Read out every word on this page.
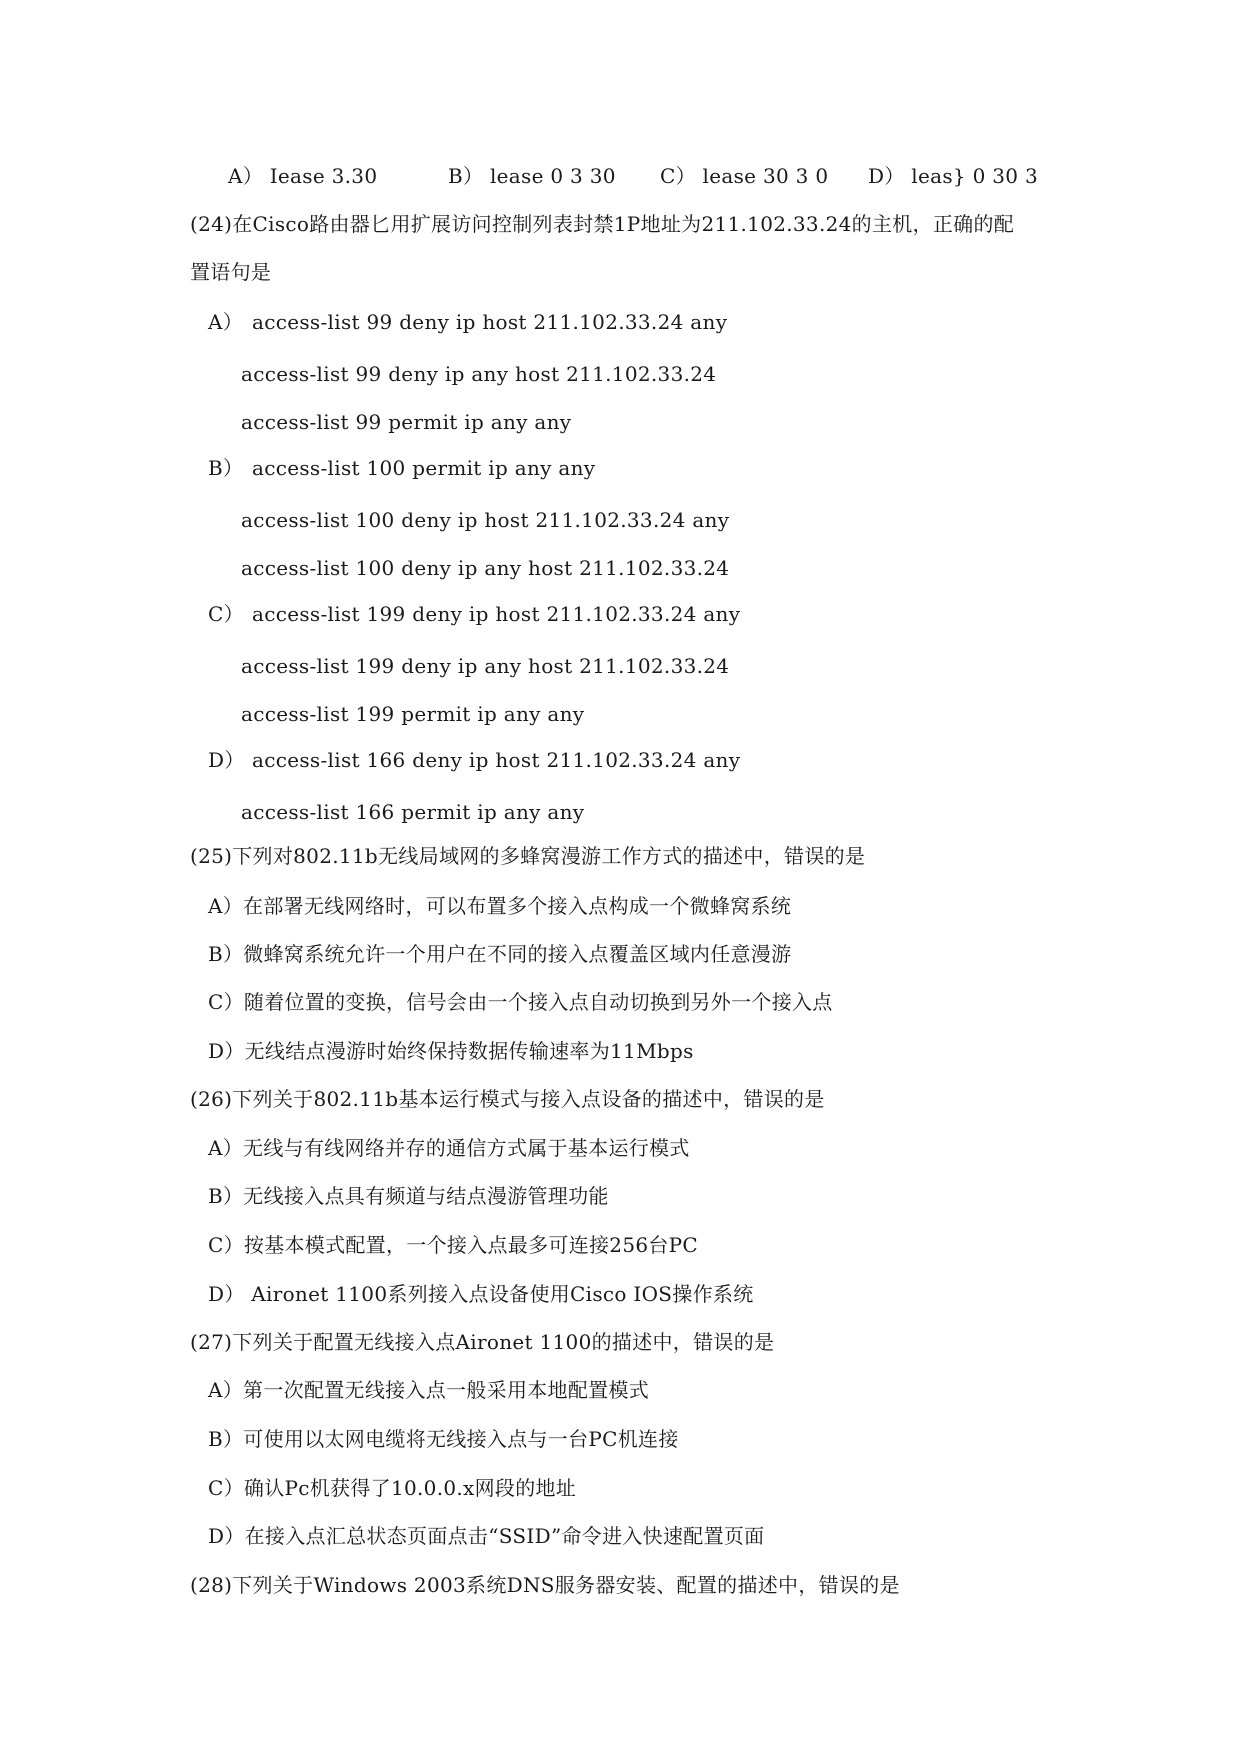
A） Iease 3.30	B） lease 0 3 30 C） lease 30 3 0 D） leas} 0 30 3
(24)在Cisco路由器匕用扩展访问控制列表封禁1P地址为211.102.33.24的主机，正确的配
置语句是
A） access-list 99 deny ip host 211.102.33.24 any
access-list 99 deny ip any host 211.102.33.24
access-list 99 permit ip any any
B） access-list 100 permit ip any any
access-list 100 deny ip host 211.102.33.24 any
access-list 100 deny ip any host 211.102.33.24
C） access-list 199 deny ip host 211.102.33.24 any
access-list 199 deny ip any host 211.102.33.24
access-list 199 permit ip any any
D） access-list 166 deny ip host 211.102.33.24 any
access-list 166 permit ip any any
(25)下列对802.11b无线局域网的多蜂窝漫游工作方式的描述中，错误的是
A）在部署无线网络时，可以布置多个接入点构成一个微蜂窝系统
B）微蜂窝系统允许一个用户在不同的接入点覆盖区域内任意漫游
C）随着位置的变换，信号会由一个接入点自动切换到另外一个接入点
D）无线结点漫游时始终保持数据传输速率为11Mbps
(26)下列关于802.11b基本运行模式与接入点设备的描述中，错误的是
A）无线与有线网络并存的通信方式属于基本运行模式
B）无线接入点具有频道与结点漫游管理功能
C）按基本模式配置，一个接入点最多可连接256台PC
D） Aironet 1100系列接入点设备使用Cisco IOS操作系统
(27)下列关于配置无线接入点Aironet 1100的描述中，错误的是
A）第一次配置无线接入点一般采用本地配置模式
B）可使用以太网电缆将无线接入点与一台PC机连接
C）确认Pc机获得了10.0.0.x网段的地址
D）在接入点汇总状态页面点击“SSID”命令进入快速配置页面
(28)下列关于Windows 2003系统DNS服务器安装、配置的描述中，错误的是
